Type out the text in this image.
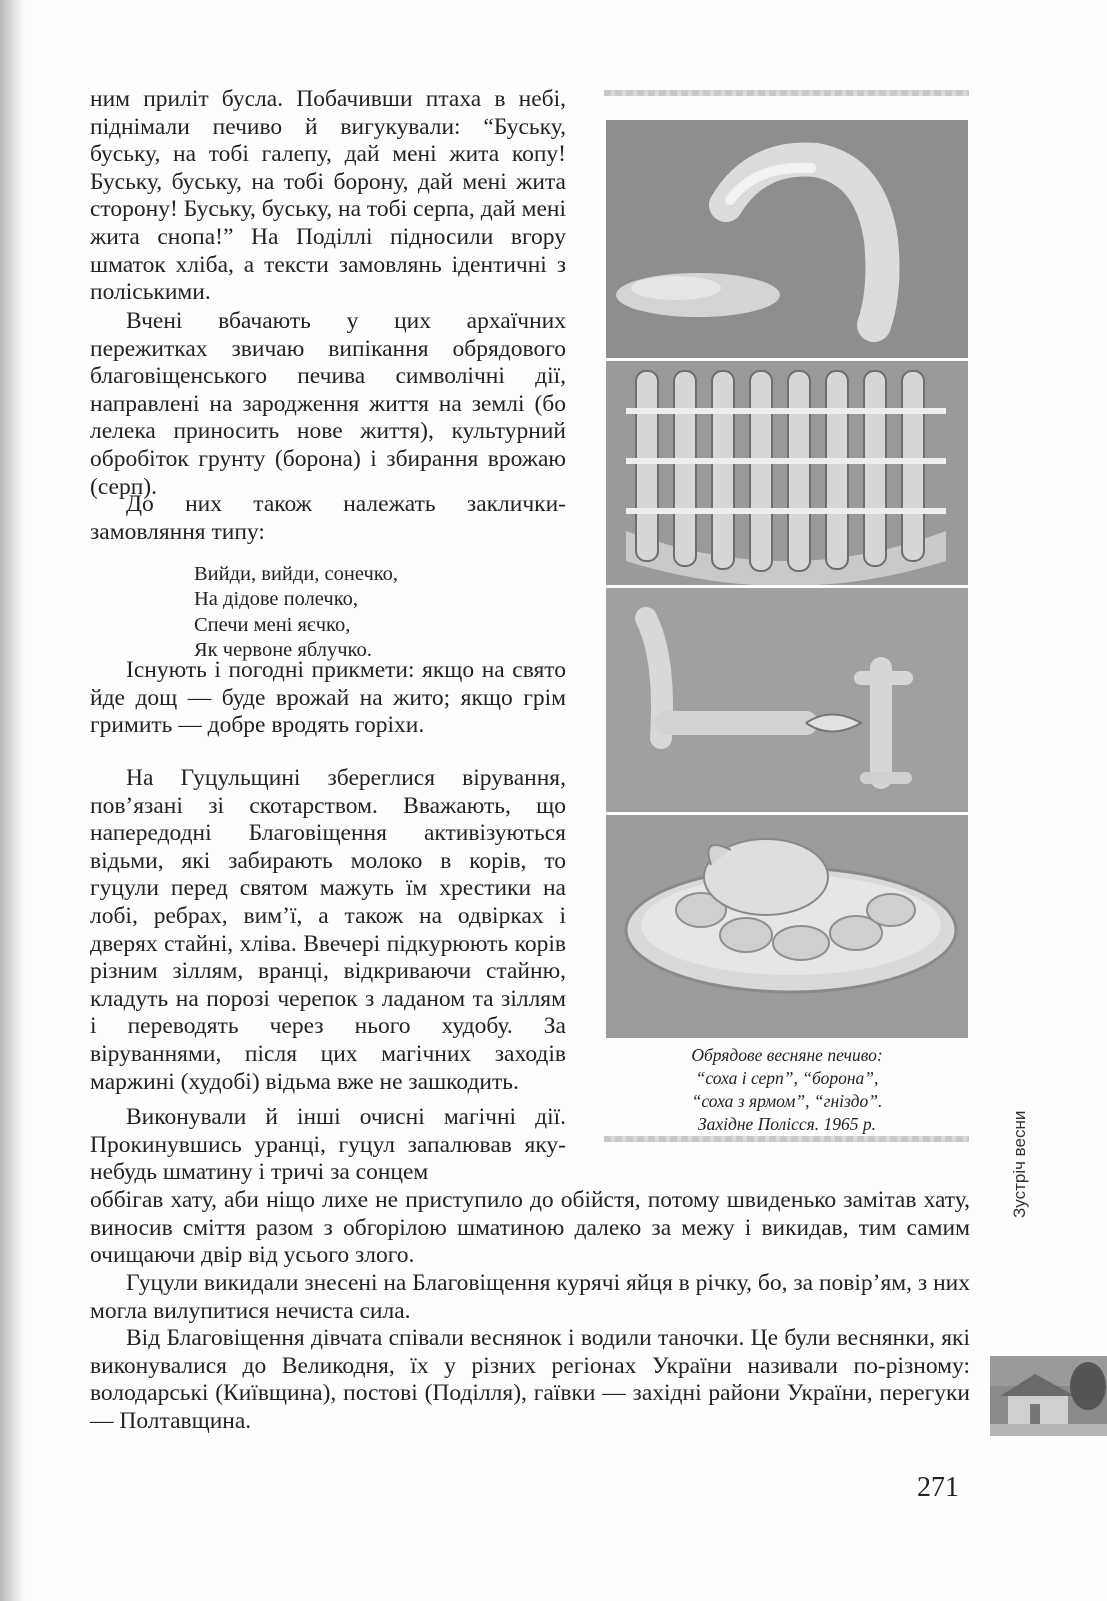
ним приліт бусла. Побачивши птаха в небі, піднімали печиво й вигукували: “Буську, буську, на тобі галепу, дай мені жита копу! Буську, буську, на тобі борону, дай мені жита сторону! Буську, буську, на тобі серпа, дай мені жита снопа!” На Поділлі підносили вгору шматок хліба, а тексти замовлянь ідентичні з поліськими.

Вчені вбачають у цих архаїчних пережитках звичаю випікання обрядового благовіщенського печива символічні дії, направлені на зародження життя на землі (бо лелека приносить нове життя), культурний обробіток грунту (борона) і збирання врожаю (серп).

До них також належать заклички-замовляння типу:

Вийди, вийди, сонечко,
На дідове полечко,
Спечи мені яєчко,
Як червоне яблучко.

Існують і погодні прикмети: якщо на свято йде дощ — буде врожай на жито; якщо грім гримить — добре вродять горіхи.

На Гуцульщині збереглися вірування, пов’язані зі скотарством. Вважають, що напередодні Благовіщення активізуються відьми, які забирають молоко в корів, то гуцули перед святом мажуть їм хрестики на лобі, ребрах, вим’ї, а також на одвірках і дверях стайні, хліва. Ввечері підкурюють корів різним зіллям, вранці, відкриваючи стайню, кладуть на порозі черепок з ладаном та зіллям і переводять через нього худобу. За віруваннями, після цих магічних заходів маржині (худобі) відьма вже не зашкодить.

Виконували й інші очисні магічні дії. Прокинувшись уранці, гуцул запалював яку-небудь шматину і тричі за сонцем

оббігав хату, аби ніщо лихе не приступило до обійстя, потому швиденько замітав хату, виносив сміття разом з обгорілою шматиною далеко за межу і викидав, тим самим очищаючи двір від усього злого.

Гуцули викидали знесені на Благовіщення курячі яйця в річку, бо, за повір’ям, з них могла вилупитися нечиста сила.

Від Благовіщення дівчата співали веснянок і водили таночки. Це були веснянки, які виконувалися до Великодня, їх у різних регіонах України називали по-різному: володарські (Київщина), постові (Поділля), гаївки — західні райони України, перегуки — Полтавщина.

Обрядове весняне печиво:
“соха і серп”, “борона”,
“соха з ярмом”, “гніздо”.
Західне Полісся. 1965 р.	Зустріч весни
271
